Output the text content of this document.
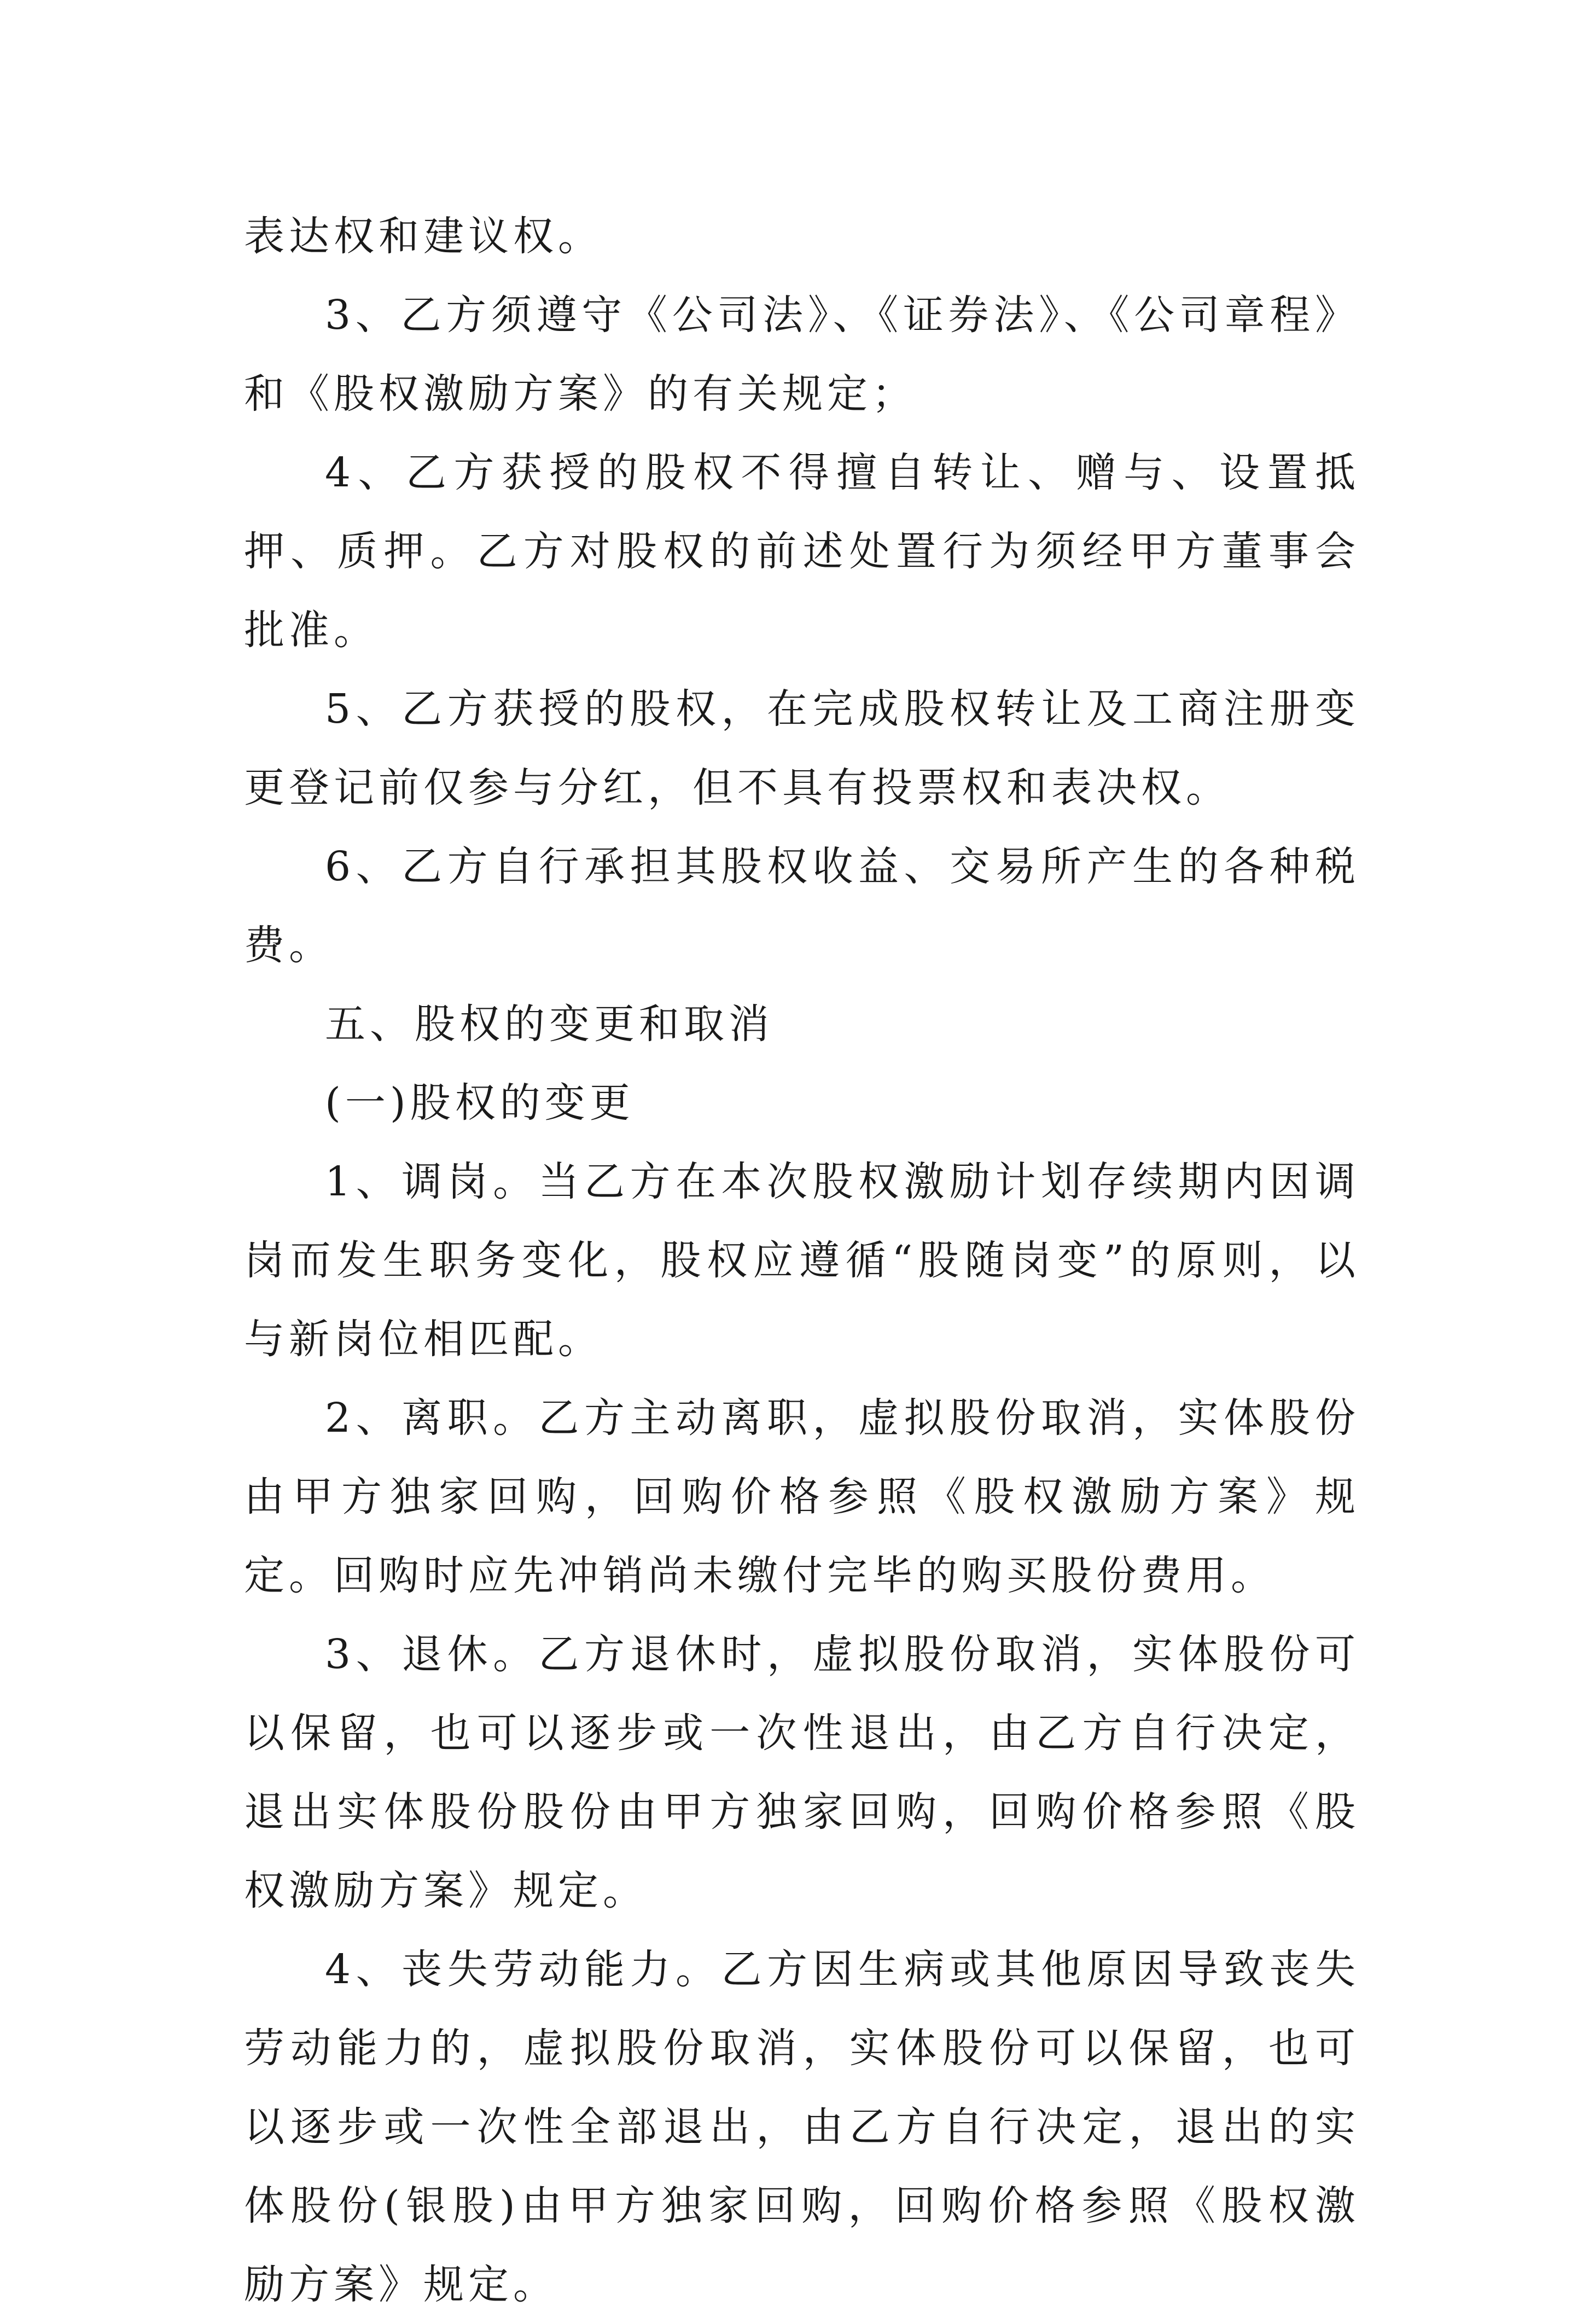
表达权和建议权。

3、乙方须遵守《公司法》、《证券法》、《公司章程》和《股权激励方案》的有关规定；

4、乙方获授的股权不得擅自转让、赠与、设置抵押、质押。乙方对股权的前述处置行为须经甲方董事会批准。

5、乙方获授的股权，在完成股权转让及工商注册变更登记前仅参与分红，但不具有投票权和表决权。

6、乙方自行承担其股权收益、交易所产生的各种税费。

五、股权的变更和取消

(一)股权的变更

1、调岗。当乙方在本次股权激励计划存续期内因调岗而发生职务变化，股权应遵循“股随岗变”的原则，以与新岗位相匹配。

2、离职。乙方主动离职，虚拟股份取消，实体股份由甲方独家回购，回购价格参照《股权激励方案》规定。回购时应先冲销尚未缴付完毕的购买股份费用。

3、退休。乙方退休时，虚拟股份取消，实体股份可以保留，也可以逐步或一次性退出，由乙方自行决定，退出实体股份股份由甲方独家回购，回购价格参照《股权激励方案》规定。

4、丧失劳动能力。乙方因生病或其他原因导致丧失劳动能力的，虚拟股份取消，实体股份可以保留，也可以逐步或一次性全部退出，由乙方自行决定，退出的实体股份(银股)由甲方独家回购，回购价格参照《股权激励方案》规定。
